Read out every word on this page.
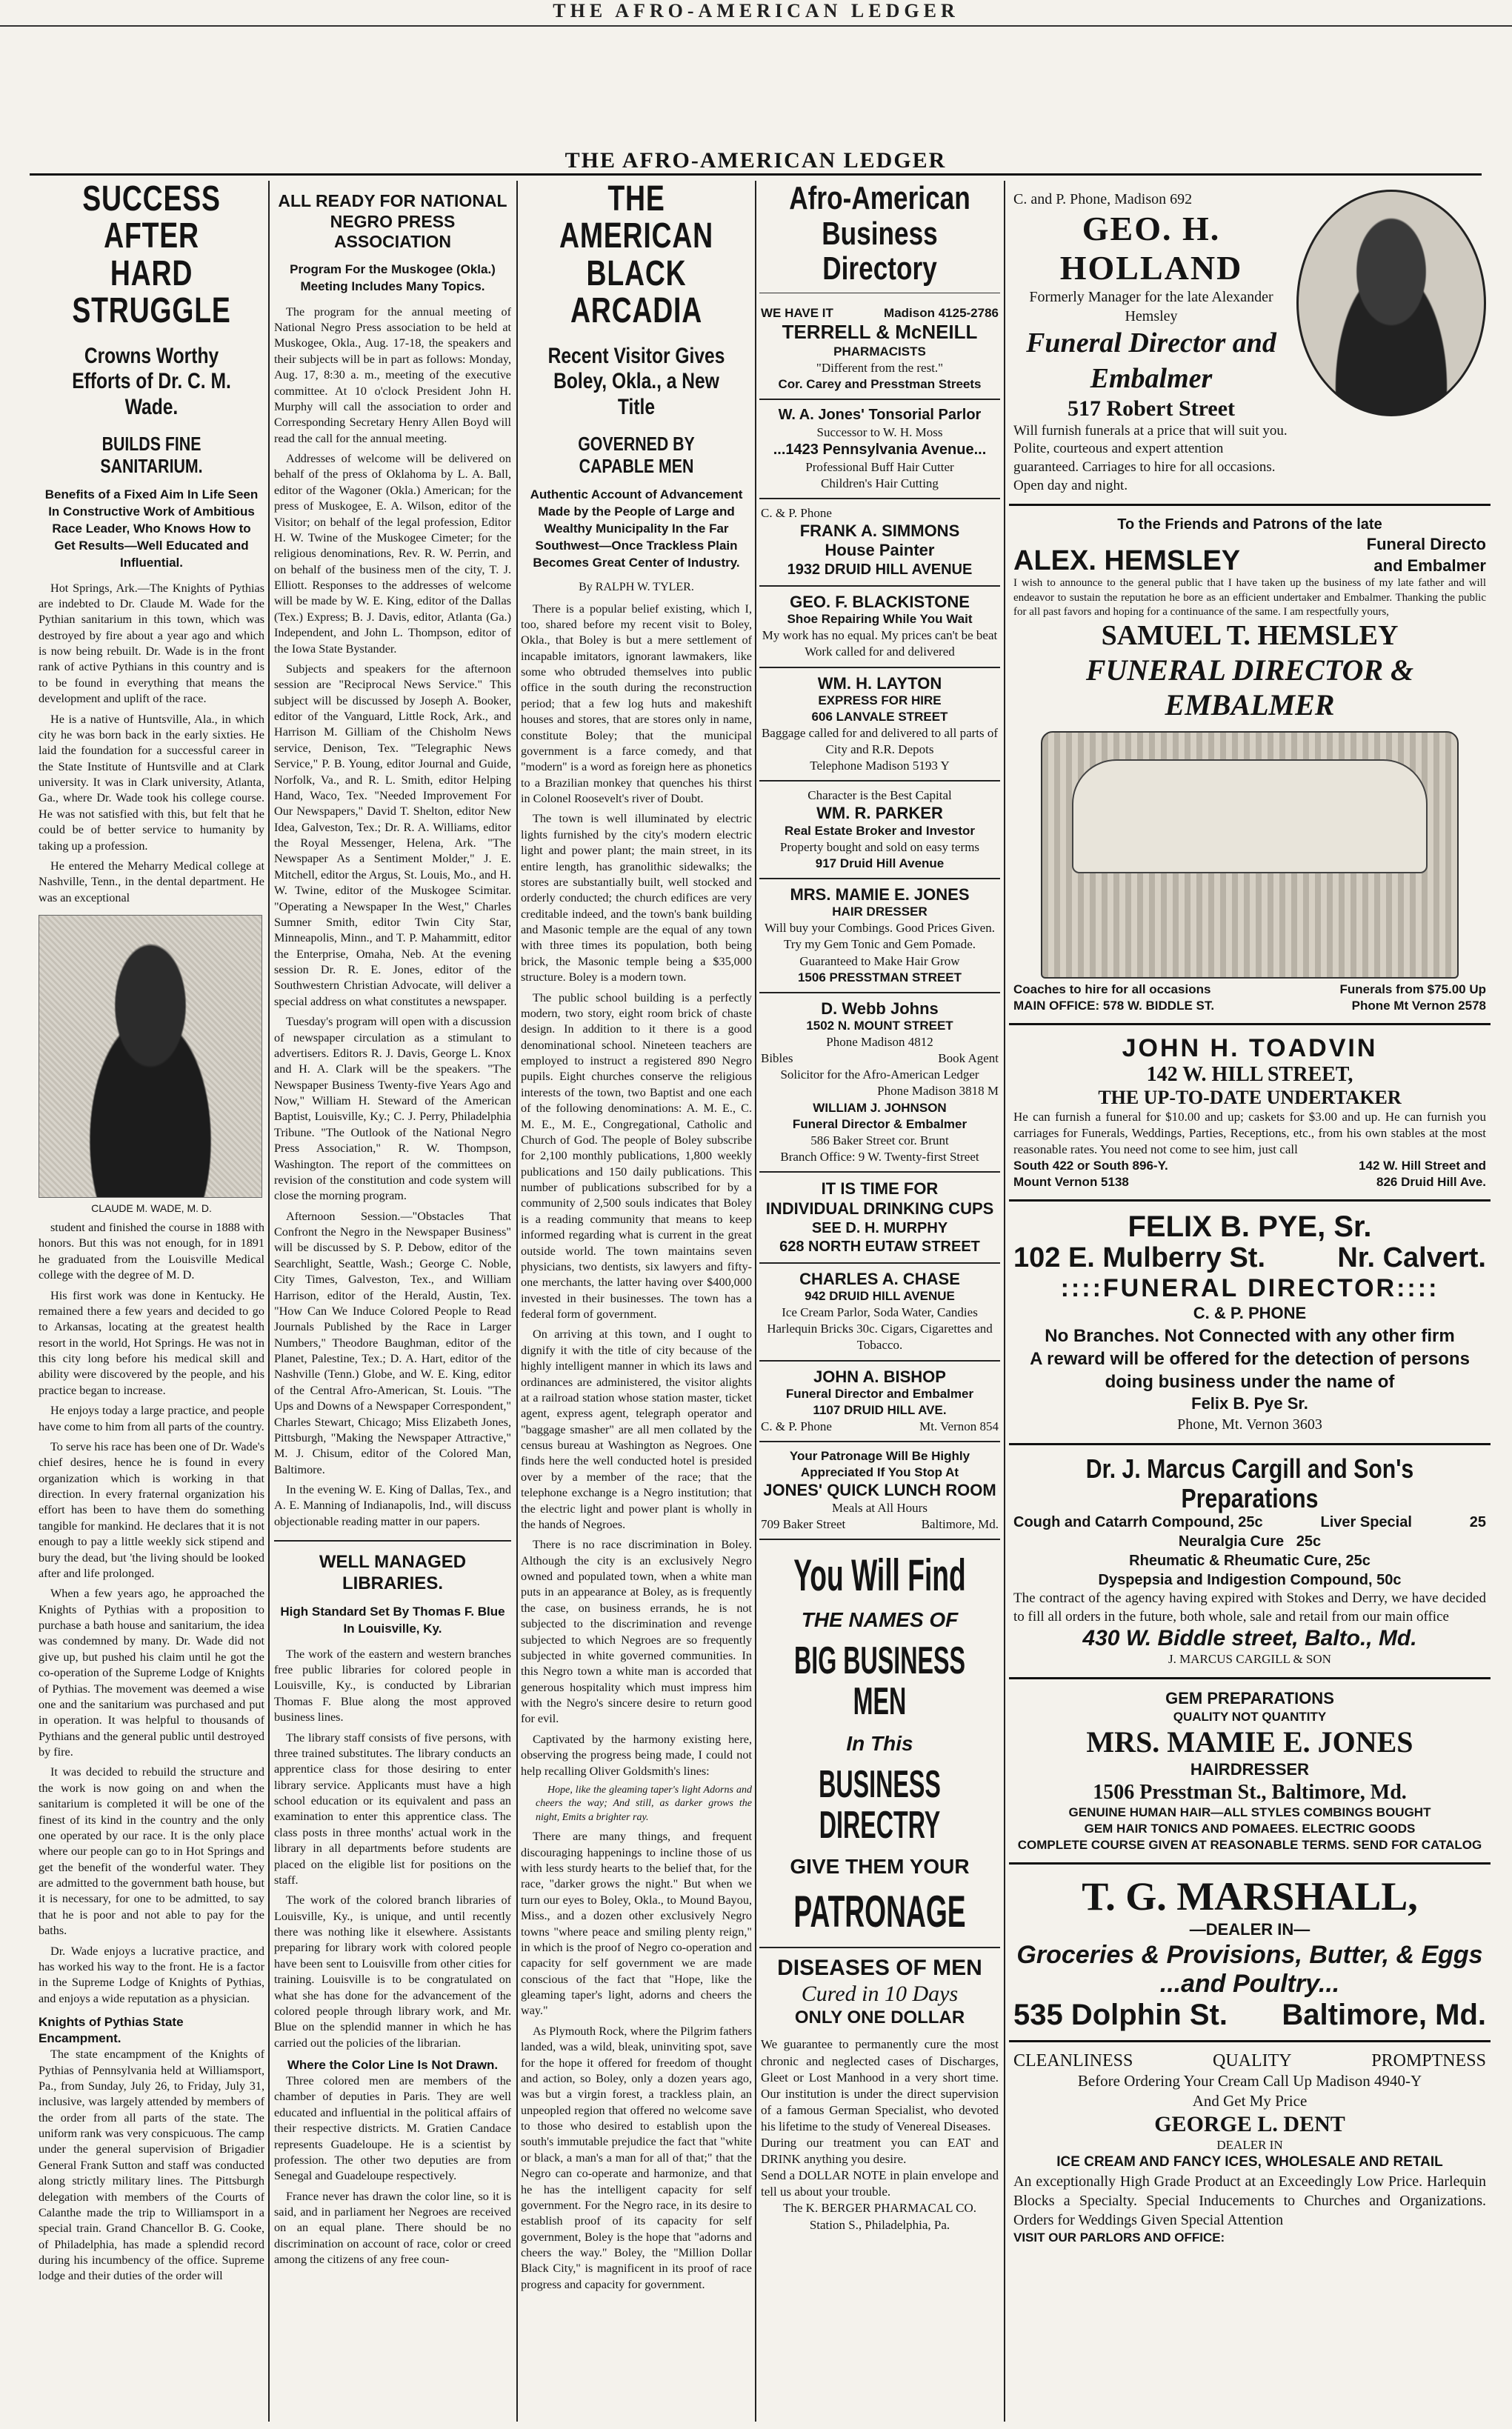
THE AFRO-AMERICAN LEDGER
THE AFRO-AMERICAN LEDGER
SUCCESS AFTER HARD STRUGGLE
Crowns Worthy Efforts of Dr. C. M. Wade.
BUILDS FINE SANITARIUM.
Benefits of a Fixed Aim In Life Seen In Constructive Work of Ambitious Race Leader, Who Knows How to Get Results—Well Educated and Influential.

Hot Springs, Ark.—The Knights of Pythias are indebted to Dr. Claude M. Wade for the Pythian sanitarium in this town, which was destroyed by fire about a year ago and which is now being rebuilt. Dr. Wade is in the front rank of active Pythians in this country and is to be found in everything that means the development and uplift of the race.

He is a native of Huntsville, Ala., in which city he was born back in the early sixties. He laid the foundation for a successful career in the State Institute of Huntsville and at Clark university. It was in Clark university, Atlanta, Ga., where Dr. Wade took his college course. He was not satisfied with this, but felt that he could be of better service to humanity by taking up a profession.

He entered the Meharry Medical college at Nashville, Tenn., in the dental department. He was an exceptional

CLAUDE M. WADE, M. D.

student and finished the course in 1888 with honors. But this was not enough, for in 1891 he graduated from the Louisville Medical college with the degree of M. D.

His first work was done in Kentucky. He remained there a few years and decided to go to Arkansas, locating at the greatest health resort in the world, Hot Springs. He was not in this city long before his medical skill and ability were discovered by the people, and his practice began to increase.

He enjoys today a large practice, and people have come to him from all parts of the country.

To serve his race has been one of Dr. Wade's chief desires, hence he is found in every organization which is working in that direction. In every fraternal organization his effort has been to have them do something tangible for mankind. He declares that it is not enough to pay a little weekly sick stipend and bury the dead, but 'the living should be looked after and life prolonged.

When a few years ago, he approached the Knights of Pythias with a proposition to purchase a bath house and sanitarium, the idea was condemned by many. Dr. Wade did not give up, but pushed his claim until he got the co-operation of the Supreme Lodge of Knights of Pythias. The movement was deemed a wise one and the sanitarium was purchased and put in operation. It was helpful to thousands of Pythians and the general public until destroyed by fire.

It was decided to rebuild the structure and the work is now going on and when the sanitarium is completed it will be one of the finest of its kind in the country and the only one operated by our race. It is the only place where our people can go to in Hot Springs and get the benefit of the wonderful water. They are admitted to the government bath house, but it is necessary, for one to be admitted, to say that he is poor and not able to pay for the baths.

Dr. Wade enjoys a lucrative practice, and has worked his way to the front. He is a factor in the Supreme Lodge of Knights of Pythias, and enjoys a wide reputation as a physician.

Knights of Pythias State Encampment.

The state encampment of the Knights of Pythias of Pennsylvania held at Williamsport, Pa., from Sunday, July 26, to Friday, July 31, inclusive, was largely attended by members of the order from all parts of the state. The uniform rank was very conspicuous. The camp under the general supervision of Brigadier General Frank Sutton and staff was conducted along strictly military lines. The Pittsburgh delegation with members of the Courts of Calanthe made the trip to Williamsport in a special train. Grand Chancellor B. G. Cooke, of Philadelphia, has made a splendid record during his incumbency of the office. Supreme lodge and their duties of the order will

ALL READY FOR NATIONAL NEGRO PRESS ASSOCIATION
Program For the Muskogee (Okla.) Meeting Includes Many Topics.

The program for the annual meeting of National Negro Press association to be held at Muskogee, Okla., Aug. 17-18, the speakers and their subjects will be in part as follows: Monday, Aug. 17, 8:30 a. m., meeting of the executive committee. At 10 o'clock President John H. Murphy will call the association to order and Corresponding Secretary Henry Allen Boyd will read the call for the annual meeting.

Addresses of welcome will be delivered on behalf of the press of Oklahoma by L. A. Ball, editor of the Wagoner (Okla.) American; for the press of Muskogee, E. A. Wilson, editor of the Visitor; on behalf of the legal profession, Editor H. W. Twine of the Muskogee Cimeter; for the religious denominations, Rev. R. W. Perrin, and on behalf of the business men of the city, T. J. Elliott. Responses to the addresses of welcome will be made by W. E. King, editor of the Dallas (Tex.) Express; B. J. Davis, editor, Atlanta (Ga.) Independent, and John L. Thompson, editor of the Iowa State Bystander.

Subjects and speakers for the afternoon session are "Reciprocal News Service." This subject will be discussed by Joseph A. Booker, editor of the Vanguard, Little Rock, Ark., and Harrison M. Gilliam of the Chisholm News service, Denison, Tex. "Telegraphic News Service," P. B. Young, editor Journal and Guide, Norfolk, Va., and R. L. Smith, editor Helping Hand, Waco, Tex. "Needed Improvement For Our Newspapers," David T. Shelton, editor New Idea, Galveston, Tex.; Dr. R. A. Williams, editor the Royal Messenger, Helena, Ark. "The Newspaper As a Sentiment Molder," J. E. Mitchell, editor the Argus, St. Louis, Mo., and H. W. Twine, editor of the Muskogee Scimitar. "Operating a Newspaper In the West," Charles Sumner Smith, editor Twin City Star, Minneapolis, Minn., and T. P. Mahammitt, editor the Enterprise, Omaha, Neb. At the evening session Dr. R. E. Jones, editor of the Southwestern Christian Advocate, will deliver a special address on what constitutes a newspaper.

Tuesday's program will open with a discussion of newspaper circulation as a stimulant to advertisers. Editors R. J. Davis, George L. Knox and H. A. Clark will be the speakers. "The Newspaper Business Twenty-five Years Ago and Now," William H. Steward of the American Baptist, Louisville, Ky.; C. J. Perry, Philadelphia Tribune. "The Outlook of the National Negro Press Association," R. W. Thompson, Washington. The report of the committees on revision of the constitution and code system will close the morning program.

Afternoon Session.—"Obstacles That Confront the Negro in the Newspaper Business" will be discussed by S. P. Debow, editor of the Searchlight, Seattle, Wash.; George C. Noble, City Times, Galveston, Tex., and William Harrison, editor of the Herald, Austin, Tex. "How Can We Induce Colored People to Read Journals Published by the Race in Larger Numbers," Theodore Baughman, editor of the Planet, Palestine, Tex.; D. A. Hart, editor of the Nashville (Tenn.) Globe, and W. E. King, editor of the Central Afro-American, St. Louis. "The Ups and Downs of a Newspaper Correspondent," Charles Stewart, Chicago; Miss Elizabeth Jones, Pittsburgh, "Making the Newspaper Attractive," M. J. Chisum, editor of the Colored Man, Baltimore.

In the evening W. E. King of Dallas, Tex., and A. E. Manning of Indianapolis, Ind., will discuss objectionable reading matter in our papers.

WELL MANAGED LIBRARIES.
High Standard Set By Thomas F. Blue In Louisville, Ky.

The work of the eastern and western branches free public libraries for colored people in Louisville, Ky., is conducted by Librarian Thomas F. Blue along the most approved business lines.

The library staff consists of five persons, with three trained substitutes. The library conducts an apprentice class for those desiring to enter library service. Applicants must have a high school education or its equivalent and pass an examination to enter this apprentice class. The class posts in three months' actual work in the library in all departments before students are placed on the eligible list for positions on the staff.

The work of the colored branch libraries of Louisville, Ky., is unique, and until recently there was nothing like it elsewhere. Assistants preparing for library work with colored people have been sent to Louisville from other cities for training. Louisville is to be congratulated on what she has done for the advancement of the colored people through library work, and Mr. Blue on the splendid manner in which he has carried out the policies of the librarian.

Where the Color Line Is Not Drawn.

Three colored men are members of the chamber of deputies in Paris. They are well educated and influential in the political affairs of their respective districts. M. Gratien Candace represents Guadeloupe. He is a scientist by profession. The other two deputies are from Senegal and Guadeloupe respectively.

France never has drawn the color line, so it is said, and in parliament her Negroes are received on an equal plane. There should be no discrimination on account of race, color or creed among the citizens of any free coun-

THE AMERICAN BLACK ARCADIA
Recent Visitor Gives Boley, Okla., a New Title
GOVERNED BY CAPABLE MEN
Authentic Account of Advancement Made by the People of Large and Wealthy Municipality In the Far Southwest—Once Trackless Plain Becomes Great Center of Industry.
By RALPH W. TYLER.

There is a popular belief existing, which I, too, shared before my recent visit to Boley, Okla., that Boley is but a mere settlement of incapable imitators, ignorant lawmakers, like some who obtruded themselves into public office in the south during the reconstruction period; that a few log huts and makeshift houses and stores, that are stores only in name, constitute Boley; that the municipal government is a farce comedy, and that "modern" is a word as foreign here as phonetics to a Brazilian monkey that quenches his thirst in Colonel Roosevelt's river of Doubt.

The town is well illuminated by electric lights furnished by the city's modern electric light and power plant; the main street, in its entire length, has granolithic sidewalks; the stores are substantially built, well stocked and orderly conducted; the church edifices are very creditable indeed, and the town's bank building and Masonic temple are the equal of any town with three times its population, both being brick, the Masonic temple being a $35,000 structure. Boley is a modern town.

The public school building is a perfectly modern, two story, eight room brick of chaste design. In addition to it there is a good denominational school. Nineteen teachers are employed to instruct a registered 890 Negro pupils. Eight churches conserve the religious interests of the town, two Baptist and one each of the following denominations: A. M. E., C. M. E., M. E., Congregational, Catholic and Church of God. The people of Boley subscribe for 2,100 monthly publications, 1,800 weekly publications and 150 daily publications. This number of publications subscribed for by a community of 2,500 souls indicates that Boley is a reading community that means to keep informed regarding what is current in the great outside world. The town maintains seven physicians, two dentists, six lawyers and fifty-one merchants, the latter having over $400,000 invested in their businesses. The town has a federal form of government.

On arriving at this town, and I ought to dignify it with the title of city because of the highly intelligent manner in which its laws and ordinances are administered, the visitor alights at a railroad station whose station master, ticket agent, express agent, telegraph operator and "baggage smasher" are all men collated by the census bureau at Washington as Negroes. One finds here the well conducted hotel is presided over by a member of the race; that the telephone exchange is a Negro institution; that the electric light and power plant is wholly in the hands of Negroes.

There is no race discrimination in Boley. Although the city is an exclusively Negro owned and populated town, when a white man puts in an appearance at Boley, as is frequently the case, on business errands, he is not subjected to the discrimination and revenge subjected to which Negroes are so frequently subjected in white governed communities. In this Negro town a white man is accorded that generous hospitality which must impress him with the Negro's sincere desire to return good for evil.

Captivated by the harmony existing here, observing the progress being made, I could not help recalling Oliver Goldsmith's lines:

Hope, like the gleaming taper's light Adorns and cheers the way; And still, as darker grows the night, Emits a brighter ray.

There are many things, and frequent discouraging happenings to incline those of us with less sturdy hearts to the belief that, for the race, "darker grows the night." But when we turn our eyes to Boley, Okla., to Mound Bayou, Miss., and a dozen other exclusively Negro towns "where peace and smiling plenty reign," in which is the proof of Negro co-operation and capacity for self government we are made conscious of the fact that "Hope, like the gleaming taper's light, adorns and cheers the way."

As Plymouth Rock, where the Pilgrim fathers landed, was a wild, bleak, uninviting spot, save for the hope it offered for freedom of thought and action, so Boley, only a dozen years ago, was but a virgin forest, a trackless plain, an unpeopled region that offered no welcome save to those who desired to establish upon the south's immutable prejudice the fact that "white or black, a man's a man for all of that;" that the Negro can co-operate and harmonize, and that he has the intelligent capacity for self government. For the Negro race, in its desire to establish proof of its capacity for self government, Boley is the hope that "adorns and cheers the way." Boley, the "Million Dollar Black City," is magnificent in its proof of race progress and capacity for government.

Afro-American Business Directory
WE HAVE IT	Madison 4125-2786
TERRELL & McNEILL
PHARMACISTS
"Different from the rest."
Cor. Carey and Presstman Streets
W. A. Jones' Tonsorial Parlor
Successor to W. H. Moss
...1423 Pennsylvania Avenue...
Professional Buff Hair Cutter
Children's Hair Cutting
C. & P. Phone
FRANK A. SIMMONS
House Painter
1932 DRUID HILL AVENUE
GEO. F. BLACKISTONE
Shoe Repairing While You Wait
My work has no equal. My prices can't be beat
Work called for and delivered
WM. H. LAYTON
EXPRESS FOR HIRE
606 LANVALE STREET
Baggage called for and delivered to all parts of City and R.R. Depots
Telephone Madison 5193 Y
Character is the Best Capital
WM. R. PARKER
Real Estate Broker and Investor
Property bought and sold on easy terms
917 Druid Hill Avenue
MRS. MAMIE E. JONES
HAIR DRESSER
Will buy your Combings. Good Prices Given. Try my Gem Tonic and Gem Pomade. Guaranteed to Make Hair Grow
1506 PRESSTMAN STREET
D. Webb Johns
1502 N. MOUNT STREET
Phone Madison 4812
Bibles	Book Agent
Solicitor for the Afro-American Ledger
Phone Madison 3818 M
WILLIAM J. JOHNSON
Funeral Director & Embalmer
586 Baker Street cor. Brunt
Branch Office: 9 W. Twenty-first Street
IT IS TIME FOR
INDIVIDUAL DRINKING CUPS
SEE D. H. MURPHY
628 NORTH EUTAW STREET
CHARLES A. CHASE
942 DRUID HILL AVENUE
Ice Cream Parlor, Soda Water, Candies Harlequin Bricks 30c. Cigars, Cigarettes and Tobacco.
JOHN A. BISHOP
Funeral Director and Embalmer
1107 DRUID HILL AVE.
C. & P. Phone	Mt. Vernon 854
Your Patronage Will Be Highly Appreciated If You Stop At
JONES' QUICK LUNCH ROOM
Meals at All Hours
709 Baker Street	Baltimore, Md.
You Will Find
THE NAMES OF
BIG BUSINESS MEN
In This
BUSINESS DIRECTRY
GIVE THEM YOUR
PATRONAGE
DISEASES OF MEN
Cured in 10 Days
ONLY ONE DOLLAR
We guarantee to permanently cure the most chronic and neglected cases of Discharges, Gleet or Lost Manhood in a very short time. Our institution is under the direct supervision of a famous German Specialist, who devoted his lifetime to the study of Venereal Diseases.
During our treatment you can EAT and DRINK anything you desire.
Send a DOLLAR NOTE in plain envelope and tell us about your trouble.
The K. BERGER PHARMACAL CO.
Station S., Philadelphia, Pa.
C. and P. Phone, Madison 692
GEO. H. HOLLAND
Formerly Manager for the late Alexander Hemsley
Funeral Director and
Embalmer
517 Robert Street
Will furnish funerals at a price that will suit you. Polite, courteous and expert attention guaranteed. Carriages to hire for all occasions. Open day and night.
To the Friends and Patrons of the late
ALEX. HEMSLEY
Funeral Directo
and Embalmer
I wish to announce to the general public that I have taken up the business of my late father and will endeavor to sustain the reputation he bore as an efficient undertaker and Embalmer. Thanking the public for all past favors and hoping for a continuance of the same. I am respectfully yours,
SAMUEL T. HEMSLEY
FUNERAL DIRECTOR & EMBALMER
Coaches to hire for all occasions	Funerals from $75.00 Up
MAIN OFFICE: 578 W. BIDDLE ST.	Phone Mt Vernon 2578
JOHN H. TOADVIN
142 W. HILL STREET,
THE UP-TO-DATE UNDERTAKER
He can furnish a funeral for $10.00 and up; caskets for $3.00 and up. He can furnish you carriages for Funerals, Weddings, Parties, Receptions, etc., from his own stables at the most reasonable rates. You need not come to see him, just call
South 422 or South 896-Y.	142 W. Hill Street and
Mount Vernon 5138	826 Druid Hill Ave.
FELIX B. PYE, Sr.
102 E. Mulberry St.	Nr. Calvert.
::::FUNERAL DIRECTOR::::
C. & P. PHONE
No Branches. Not Connected with any other firm
A reward will be offered for the detection of persons doing business under the name of
Felix B. Pye Sr.
Phone, Mt. Vernon 3603
Dr. J. Marcus Cargill and Son's Preparations
Cough and Catarrh Compound, 25c	Liver Special	25
Neuralgia Cure 25c
Rheumatic & Rheumatic Cure, 25c
Dyspepsia and Indigestion Compound, 50c
The contract of the agency having expired with Stokes and Derry, we have decided to fill all orders in the future, both whole, sale and retail from our main office
430 W. Biddle street, Balto., Md.
J. MARCUS CARGILL & SON
GEM PREPARATIONS
QUALITY NOT QUANTITY
MRS. MAMIE E. JONES
HAIRDRESSER
1506 Presstman St., Baltimore, Md.
GENUINE HUMAN HAIR—ALL STYLES COMBINGS BOUGHT
GEM HAIR TONICS AND POMAEES. ELECTRIC GOODS
COMPLETE COURSE GIVEN AT REASONABLE TERMS. SEND FOR CATALOG
T. G. MARSHALL,
—DEALER IN—
Groceries & Provisions, Butter, & Eggs
...and Poultry...
535 Dolphin St. Baltimore, Md.
CLEANLINESS	QUALITY	PROMPTNESS
Before Ordering Your Cream Call Up Madison 4940-Y
And Get My Price
GEORGE L. DENT
DEALER IN
ICE CREAM AND FANCY ICES, WHOLESALE AND RETAIL
An exceptionally High Grade Product at an Exceedingly Low Price. Harlequin Blocks a Specialty. Special Inducements to Churches and Organizations. Orders for Weddings Given Special Attention
VISIT OUR PARLORS AND OFFICE:
